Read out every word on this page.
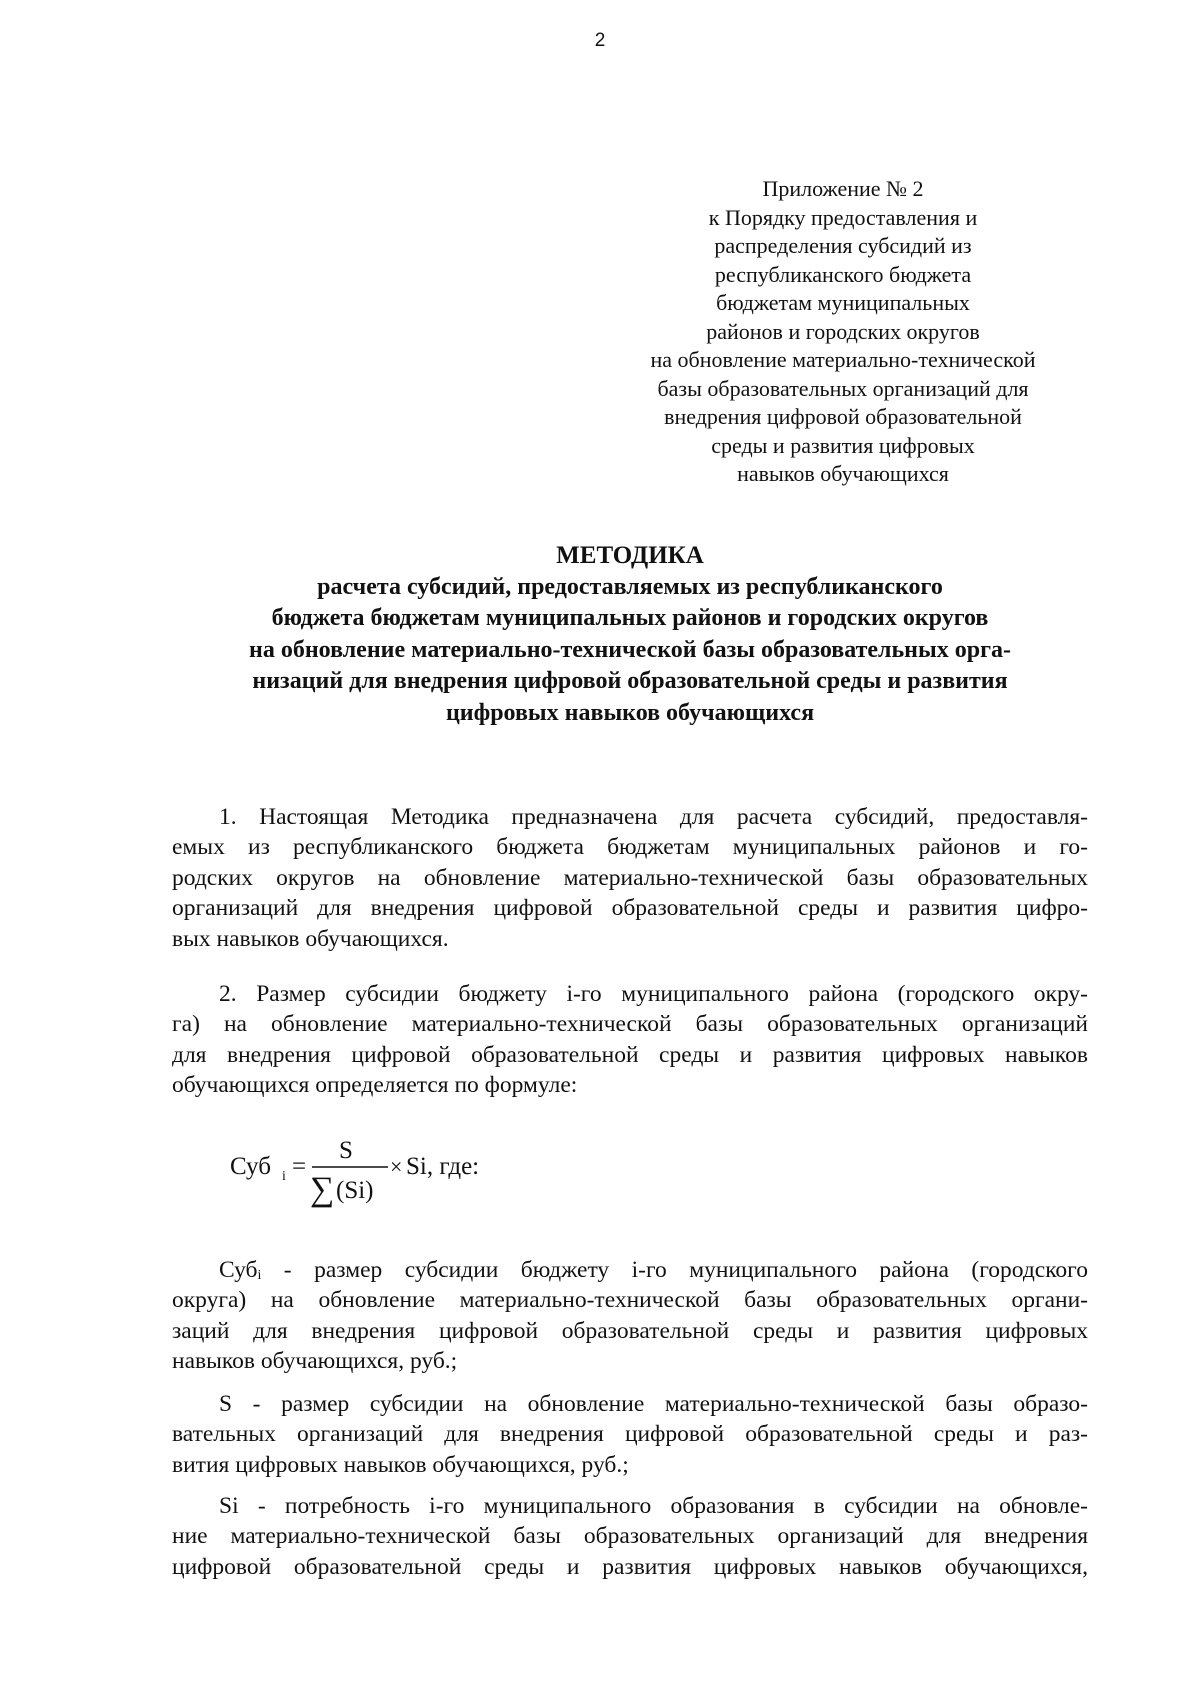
2
Приложение № 2
к Порядку предоставления и
распределения субсидий из
республиканского бюджета
бюджетам муниципальных
районов и городских округов
на обновление материально-технической
базы образовательных организаций для
внедрения цифровой образовательной
среды и развития цифровых
навыков обучающихся
МЕТОДИКА
расчета субсидий, предоставляемых из республиканского
бюджета бюджетам муниципальных районов и городских округов
на обновление материально-технической базы образовательных орга-
низаций для внедрения цифровой образовательной среды и развития
цифровых навыков обучающихся
1. Настоящая Методика предназначена для расчета субсидий, предоставля-
емых из республиканского бюджета бюджетам муниципальных районов и го-
родских округов на обновление материально-технической базы образовательных
организаций для внедрения цифровой образовательной среды и развития цифро-
вых навыков обучающихся.
2. Размер субсидии бюджету i-го муниципального района (городского окру-
га) на обновление материально-технической базы образовательных организаций
для внедрения цифровой образовательной среды и развития цифровых навыков
обучающихся определяется по формуле:
Суб i =
S
∑ (Si)
× Si, где:
Субᵢ - размер субсидии бюджету i-го муниципального района (городского
округа) на обновление материально-технической базы образовательных органи-
заций для внедрения цифровой образовательной среды и развития цифровых
навыков обучающихся, руб.;
S - размер субсидии на обновление материально-технической базы образо-
вательных организаций для внедрения цифровой образовательной среды и раз-
вития цифровых навыков обучающихся, руб.;
Si - потребность i-го муниципального образования в субсидии на обновле-
ние материально-технической базы образовательных организаций для внедрения
цифровой образовательной среды и развития цифровых навыков обучающихся,
